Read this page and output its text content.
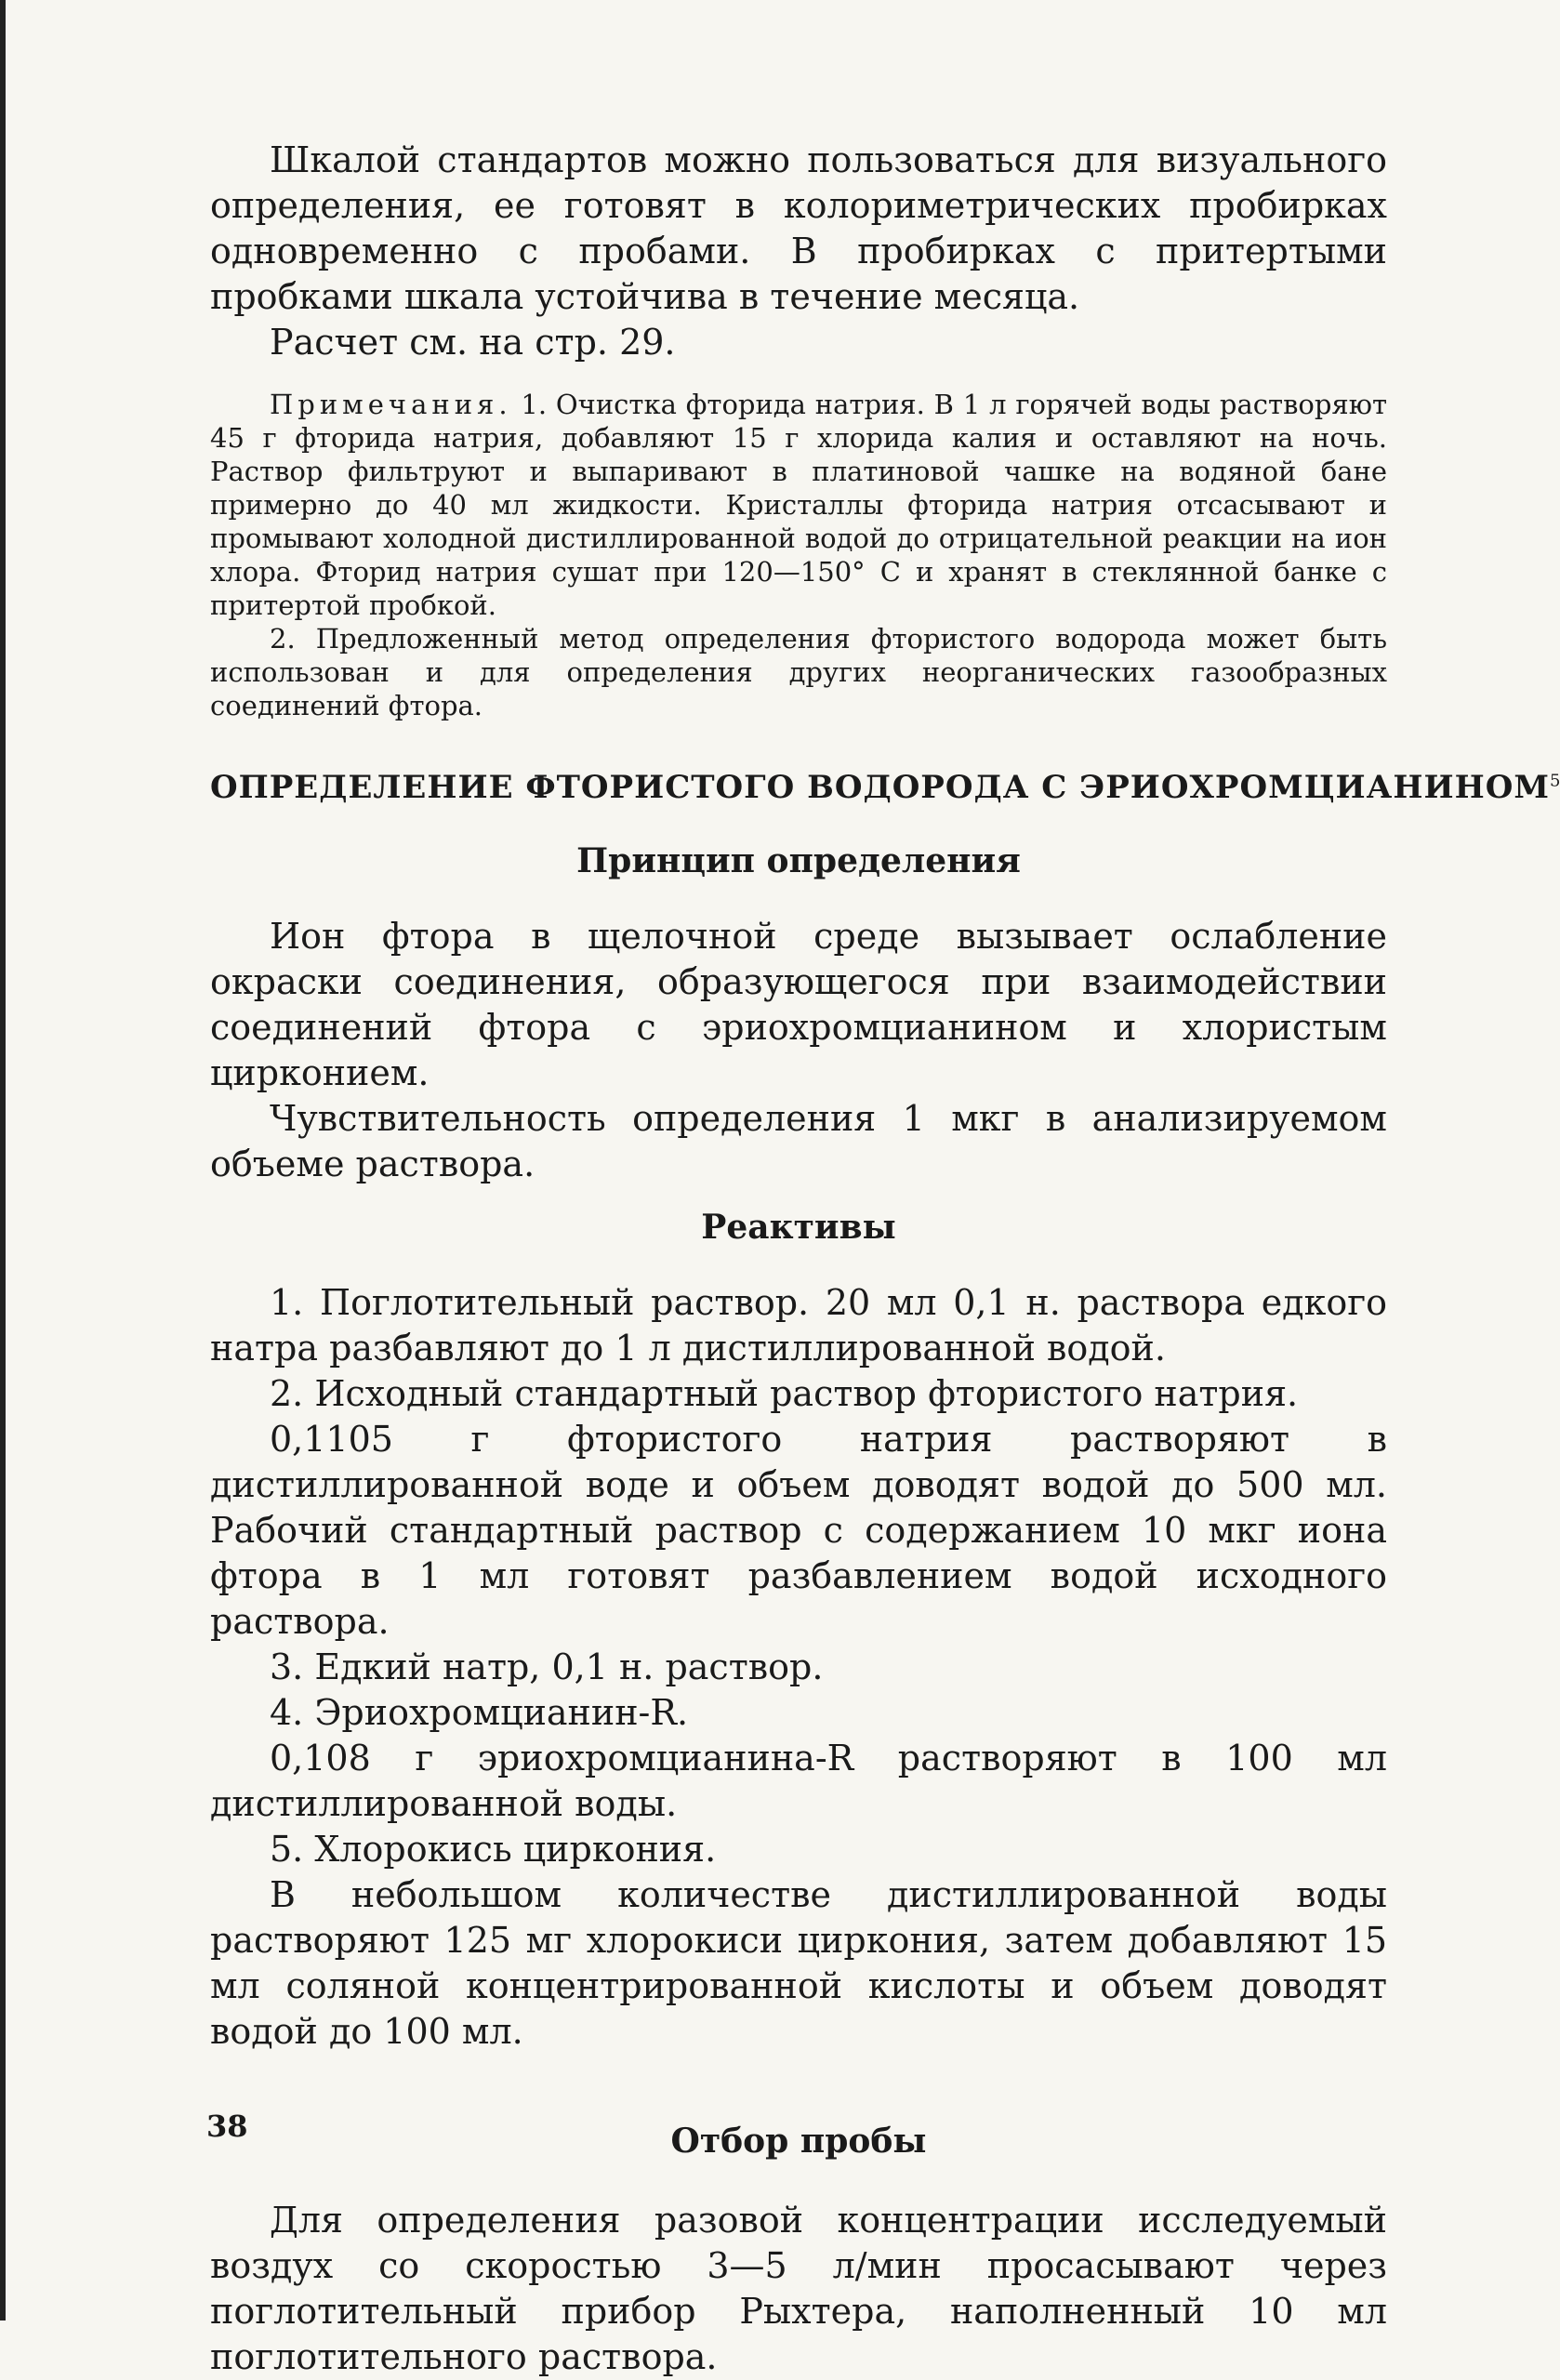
Шкалой стандартов можно пользоваться для визуального определения, ее готовят в колориметрических пробирках одновременно с пробами. В пробирках с притертыми пробками шкала устойчива в течение месяца.

Расчет см. на стр. 29.

Примечания. 1. Очистка фторида натрия. В 1 л горячей воды растворяют 45 г фторида натрия, добавляют 15 г хлорида калия и оставляют на ночь. Раствор фильтруют и выпаривают в платиновой чашке на водяной бане примерно до 40 мл жидкости. Кристаллы фторида натрия отсасывают и промывают холодной дистиллированной водой до отрицательной реакции на ион хлора. Фторид натрия сушат при 120—150° С и хранят в стеклянной банке с притертой пробкой.

2. Предложенный метод определения фтористого водорода может быть использован и для определения других неорганических газообразных соединений фтора.

ОПРЕДЕЛЕНИЕ ФТОРИСТОГО ВОДОРОДА С ЭРИОХРОМЦИАНИНОМ$^5$
Принцип определения

Ион фтора в щелочной среде вызывает ослабление окраски соединения, образующегося при взаимодействии соединений фтора с эриохромцианином и хлористым цирконием.

Чувствительность определения 1 мкг в анализируемом объеме раствора.

Реактивы

1. Поглотительный раствор. 20 мл 0,1 н. раствора едкого натра разбавляют до 1 л дистиллированной водой.

2. Исходный стандартный раствор фтористого натрия.

0,1105 г фтористого натрия растворяют в дистиллированной воде и объем доводят водой до 500 мл. Рабочий стандартный раствор с содержанием 10 мкг иона фтора в 1 мл готовят разбавлением водой исходного раствора.

3. Едкий натр, 0,1 н. раствор.

4. Эриохромцианин-R.

0,108 г эриохромцианина-R растворяют в 100 мл дистиллированной воды.

5. Хлорокись циркония.

В небольшом количестве дистиллированной воды растворяют 125 мг хлорокиси циркония, затем добавляют 15 мл соляной концентрированной кислоты и объем доводят водой до 100 мл.

Отбор пробы

Для определения разовой концентрации исследуемый воздух со скоростью 3—5 л/мин просасывают через поглотительный прибор Рыхтера, наполненный 10 мл поглотительного раствора.

38
